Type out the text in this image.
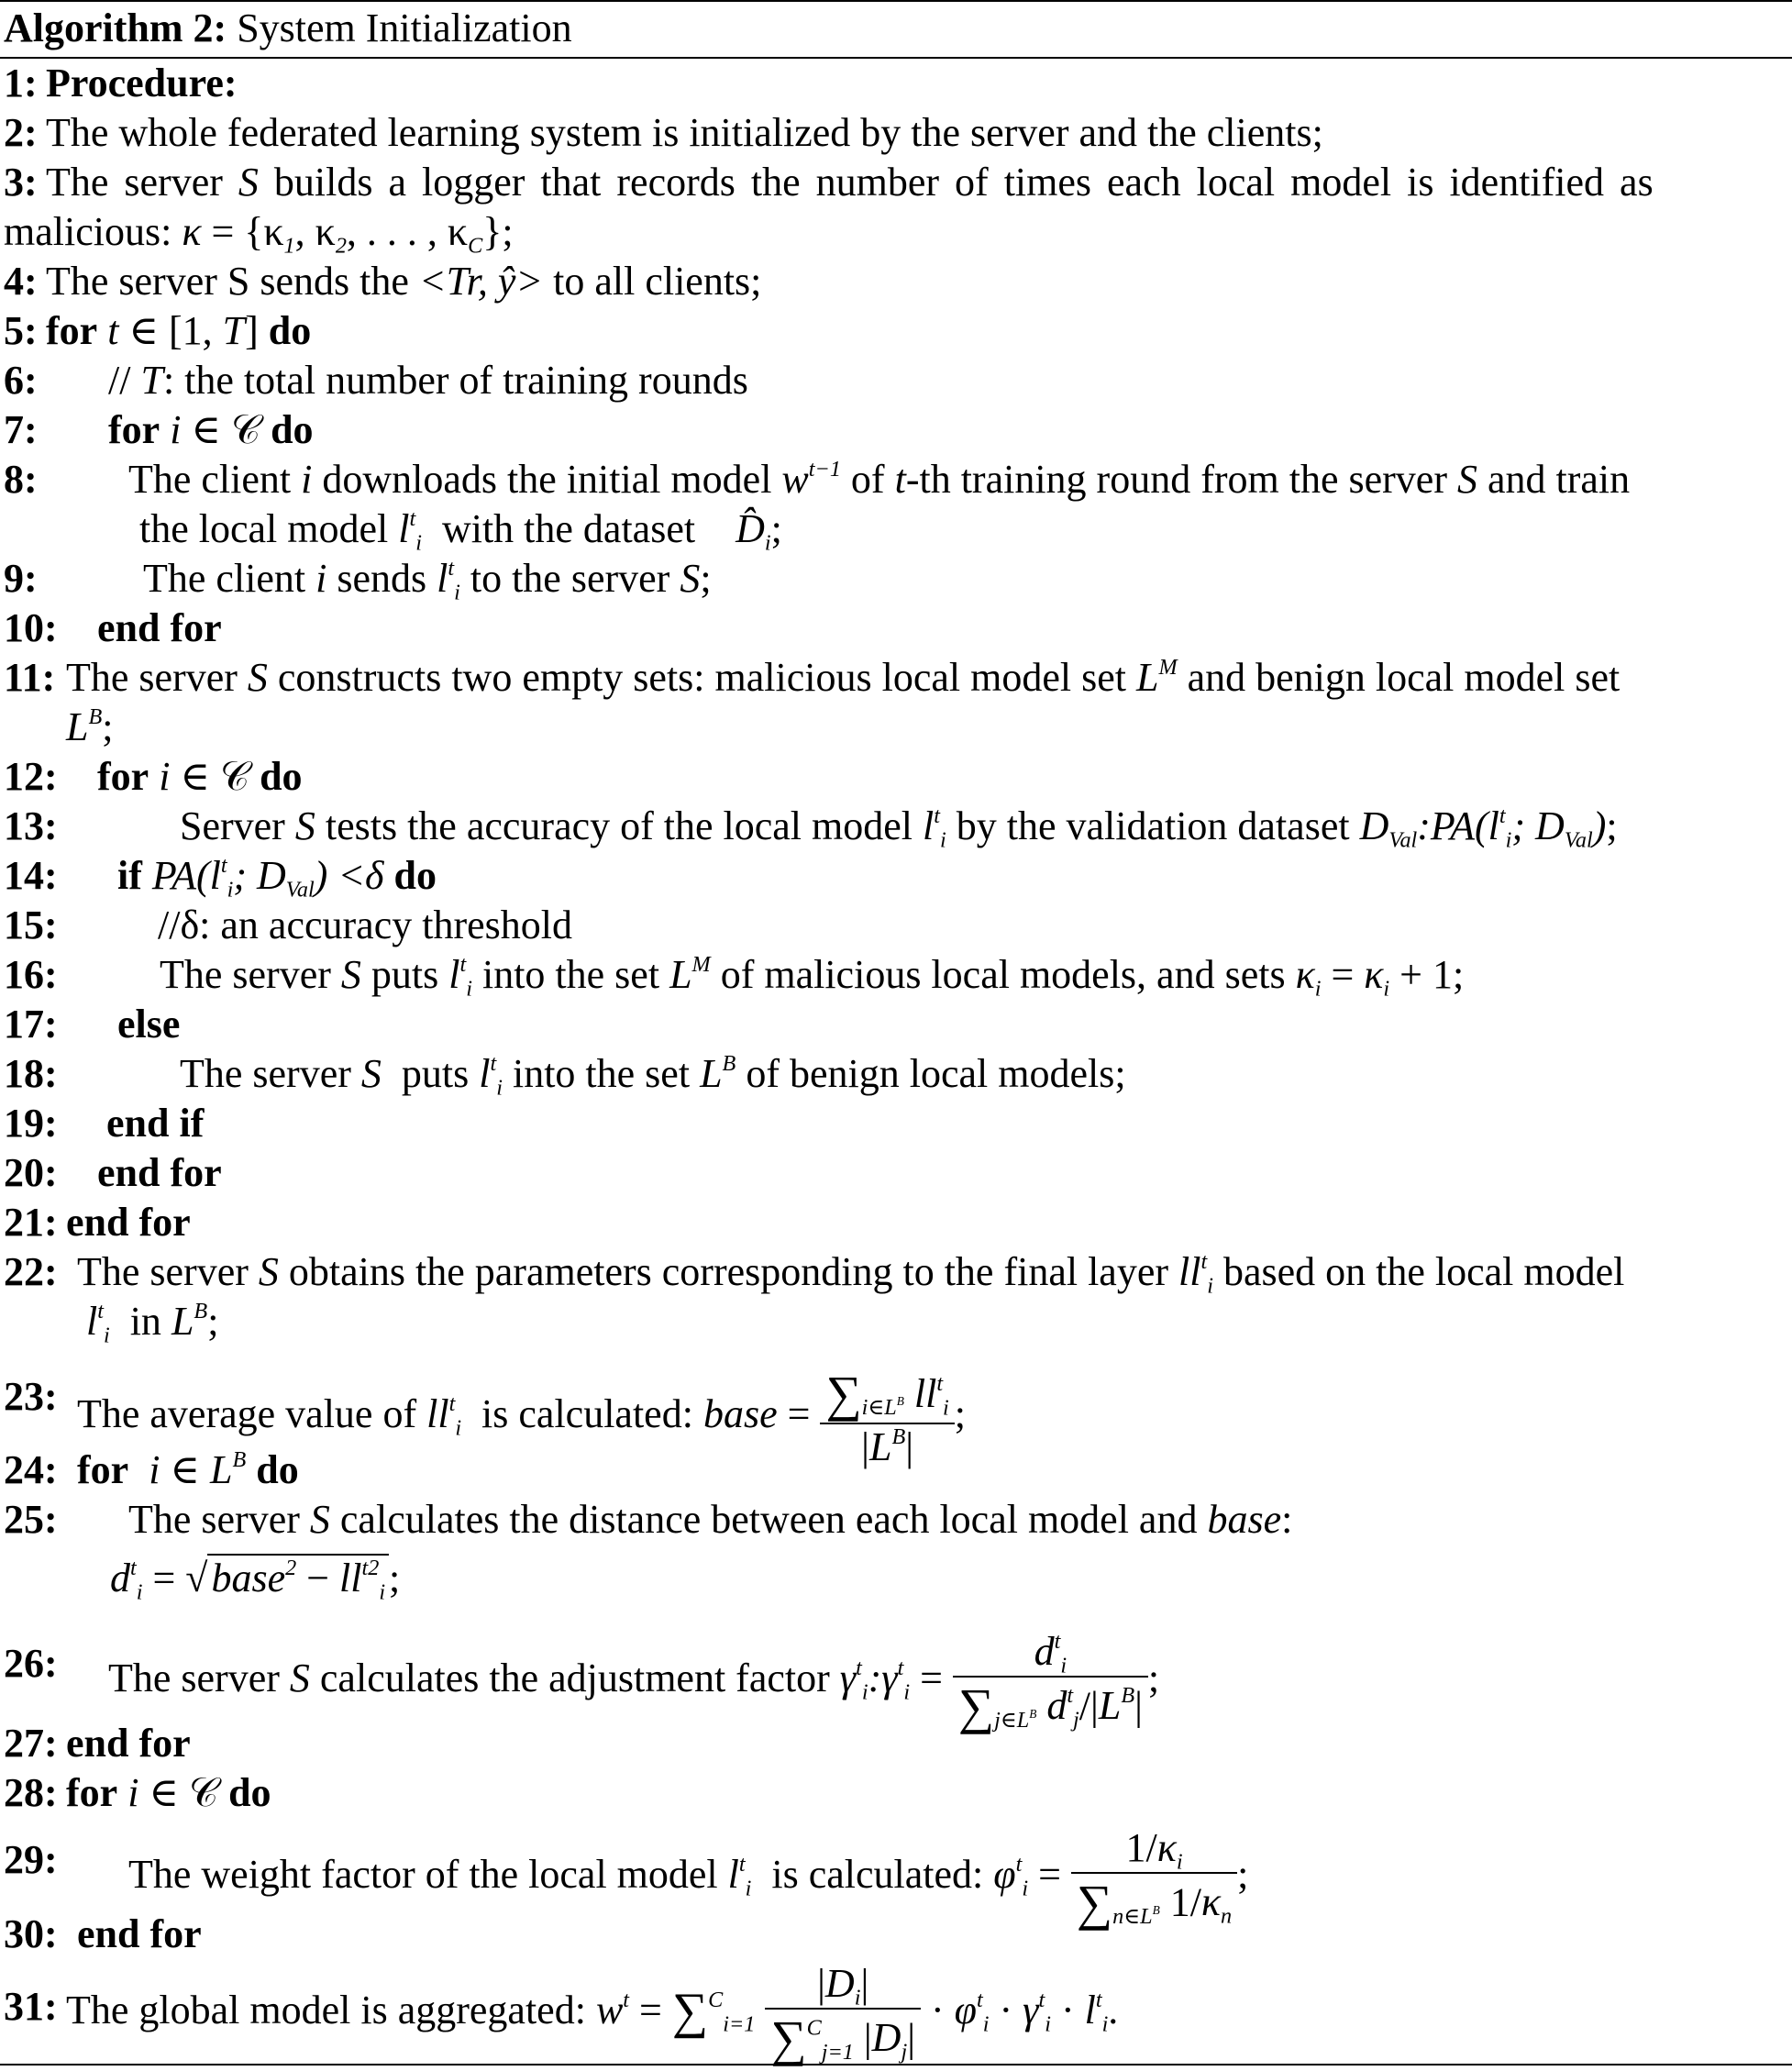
Algorithm 2: System Initialization
1: Procedure:
2: The whole federated learning system is initialized by the server and the clients;
3: The server S builds a logger that records the number of times each local model is identified as
malicious: $\kappa = \{\kappa_1$, $\kappa_2$, . . . , $\kappa_C$};
4: The server S sends the <Tr, ŷ> to all clients;
5: for t ∈ [1, T] do
6: // T: the total number of training rounds
7: for i ∈ 𝒞 do
8: The client i downloads the initial model $w^{t-1}$ of t-th training round from the server S and train
the local model $l^t_i$ with the dataset $D̂_i$;
9:	The client i sends $l^t_i$ to the server S;
10: end for
11: The server S constructs two empty sets: malicious local model set $L^M$ and benign local model set
$L^B$;
12: for i ∈ 𝒞 do
13:	Server S tests the accuracy of the local model $l^t_i$ by the validation dataset $D_{Val}:PA(l^t_i$; $D_{Val}$);
14: if $PA(l^t_i$; $D_{Val}) <\delta$ do
15: //δ: an accuracy threshold
16:	The server S puts $l^t_i$ into the set $L^M$ of malicious local models, and sets $\kappa_i = \kappa_i + 1$;
17: else
18:	The server S puts $l^t_i$ into the set $L^B$ of benign local models;
19: end if
20: end for
21: end for
22: The server S obtains the parameters corresponding to the final layer $ll^t_i$ based on the local model
$l^t_i$ in $L^B$;
23: The average value of $ll^t_i$ is calculated: base = $\frac{\sum_{i\in L^B} ll^t_i}{|L^B|}$ ;
24: for i ∈ $L^B$ do
25: The server S calculates the distance between each local model and base:
$d^t_i$ = √base$^2$ − $ll^{t2}_i$;
26: The server S calculates the adjustment factor $\gamma^t_i:\gamma^t_i = \frac{d^t_i}{\sum_{j\in L^B} d^t_j/|L^B|}$ ;
27: end for
28: for i ∈ 𝒞 do
29: The weight factor of the local model $l^t_i$ is calculated: $\varphi^t_i = \frac{1/\kappa_i}{\sum_{n\in L^B} 1/\kappa_n}$ ;
30: end for
31: The global model is aggregated: $w^t = \sum^C_{i=1} \frac{|D_i|}{\sum^C_{j=1} |D_j|} \cdot \varphi^t_i \cdot \gamma^t_i \cdot l^t_i$.
